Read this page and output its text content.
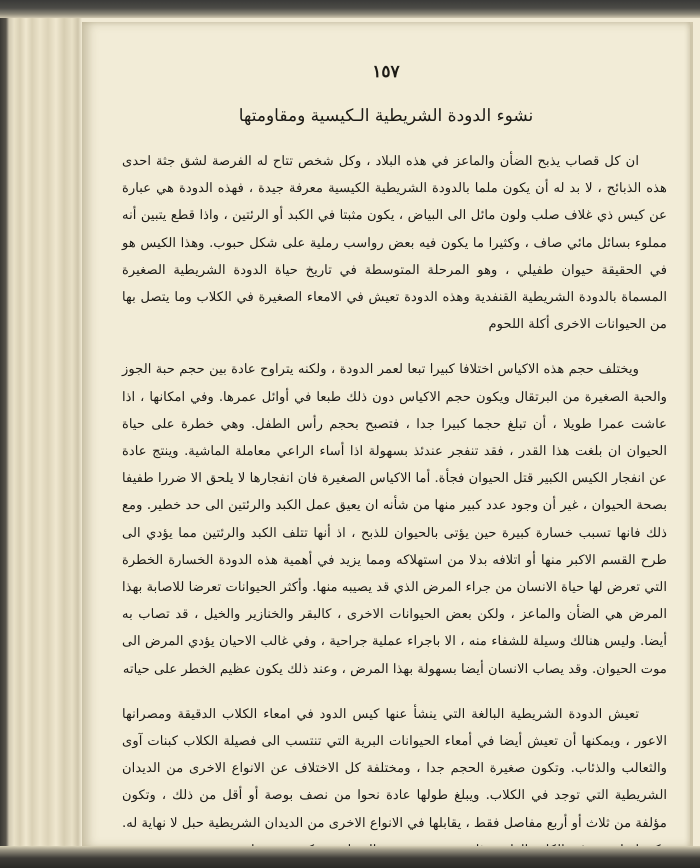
١٥٧
نشوء الدودة الشريطية الـكيسية ومقاومتها

ان كل قصاب يذبح الضأن والماعز في هذه البلاد ، وكل شخص تتاح له الفرصة لشق جثة احدى هذه الذبائح ، لا بد له أن يكون ملما بالدودة الشريطية الكيسية معرفة جيدة ، فهذه الدودة هي عبارة عن كيس ذي غلاف صلب ولون مائل الى البياض ، يكون مثبتا في الكبد أو الرئتين ، واذا قطع يتبين أنه مملوء بسائل مائي صاف ، وكثيرا ما يكون فيه بعض رواسب رملية على شكل حبوب. وهذا الكيس هو في الحقيقة حيوان طفيلي ، وهو المرحلة المتوسطة في تاريخ حياة الدودة الشريطية الصغيرة المسماة بالدودة الشريطية القنفدية وهذه الدودة تعيش في الامعاء الصغيرة في الكلاب وما يتصل بها من الحيوانات الاخرى أكلة اللحوم

ويختلف حجم هذه الاكياس اختلافا كبيرا تبعا لعمر الدودة ، ولكنه يتراوح عادة بين حجم حبة الجوز والحبة الصغيرة من البرتقال ويكون حجم الاكياس دون ذلك طبعا في أوائل عمرها. وفي امكانها ، اذا عاشت عمرا طويلا ، أن تبلغ حجما كبيرا جدا ، فتصبح بحجم رأس الطفل. وهي خطرة على حياة الحيوان ان بلغت هذا القدر ، فقد تنفجر عندئذ بسهولة اذا أساء الراعي معاملة الماشية. وينتج عادة عن انفجار الكيس الكبير قتل الحيوان فجأة. أما الاكياس الصغيرة فان انفجارها لا يلحق الا ضررا طفيفا بصحة الحيوان ، غير أن وجود عدد كبير منها من شأنه ان يعيق عمل الكبد والرئتين الى حد خطير. ومع ذلك فانها تسبب خسارة كبيرة حين يؤتى بالحيوان للذبح ، اذ أنها تتلف الكبد والرئتين مما يؤدي الى طرح القسم الاكبر منها أو اتلافه بدلا من استهلاكه ومما يزيد في أهمية هذه الدودة الخسارة الخطرة التي تعرض لها حياة الانسان من جراء المرض الذي قد يصيبه منها. وأكثر الحيوانات تعرضا للاصابة بهذا المرض هي الضأن والماعز ، ولكن بعض الحيوانات الاخرى ، كالبقر والخنازير والخيل ، قد تصاب به أيضا. وليس هنالك وسيلة للشفاء منه ، الا باجراء عملية جراحية ، وفي غالب الاحيان يؤدي المرض الى موت الحيوان. وقد يصاب الانسان أيضا بسهولة بهذا المرض ، وعند ذلك يكون عظيم الخطر على حياته

تعيش الدودة الشريطية البالغة التي ينشأ عنها كيس الدود في امعاء الكلاب الدقيقة ومصرانها الاعور ، ويمكنها أن تعيش أيضا في أمعاء الحيوانات البرية التي تنتسب الى فصيلة الكلاب كبنات آوى والثعالب والذئاب. وتكون صغيرة الحجم جدا ، ومختلفة كل الاختلاف عن الانواع الاخرى من الديدان الشريطية التي توجد في الكلاب. ويبلغ طولها عادة نحوا من نصف بوصة أو أقل من ذلك ، وتكون مؤلفة من ثلاث أو أربع مفاصل فقط ، يقابلها في الانواع الاخرى من الديدان الشريطية حبل لا نهاية له.
